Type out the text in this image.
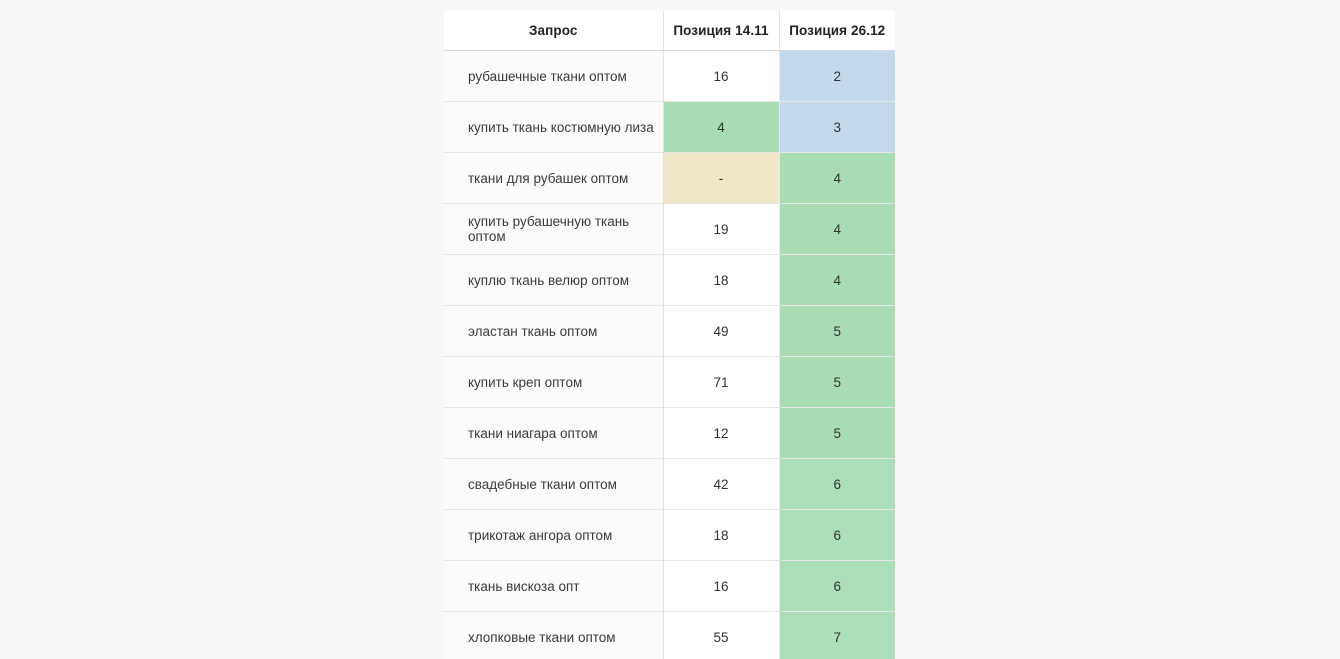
Запрос	Позиция 14.11	Позиция 26.12
рубашечные ткани оптом	16	2
купить ткань костюмную лиза	4	3
ткани для рубашек оптом	-	4
купить рубашечную ткань оптом	19	4
куплю ткань велюр оптом	18	4
эластан ткань оптом	49	5
купить креп оптом	71	5
ткани ниагара оптом	12	5
свадебные ткани оптом	42	6
трикотаж ангора оптом	18	6
ткань вискоза опт	16	6
хлопковые ткани оптом	55	7
